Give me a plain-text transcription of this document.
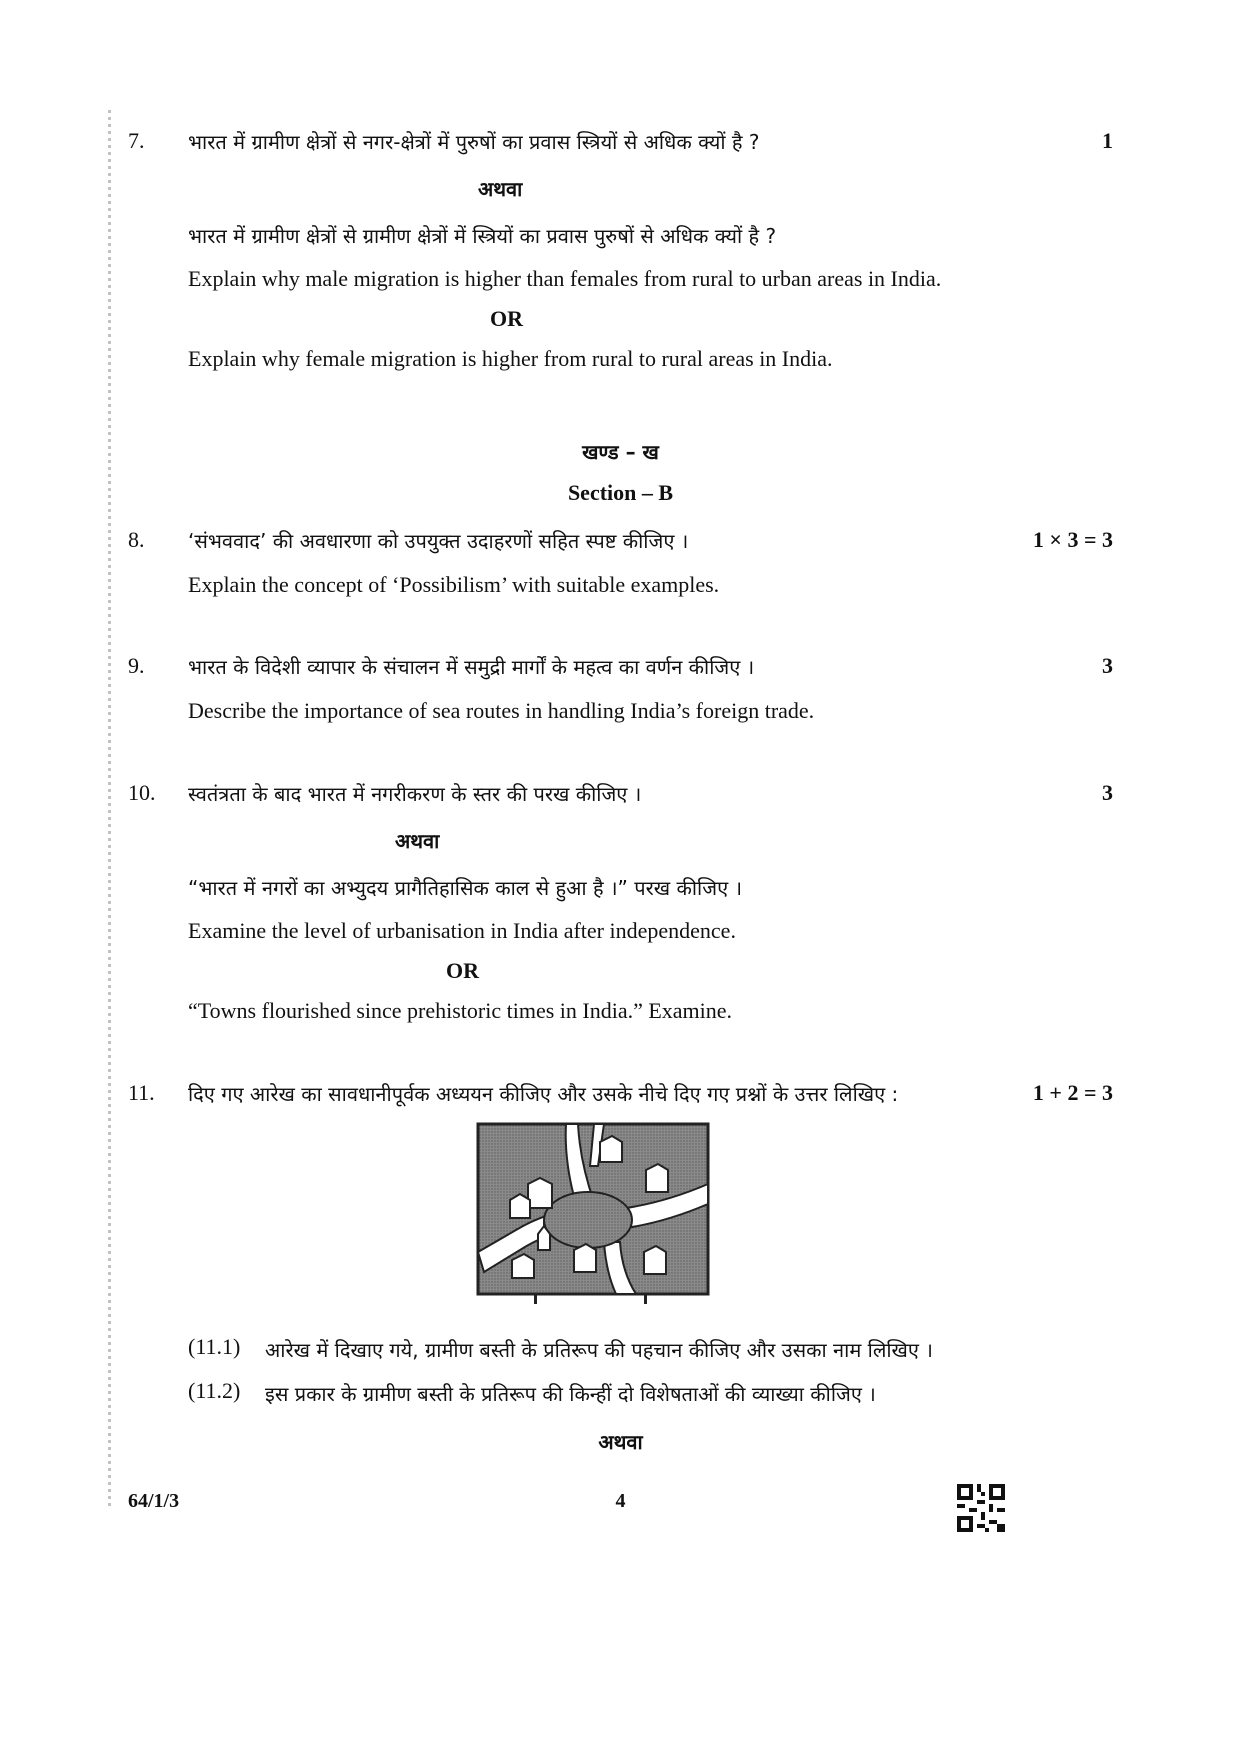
7. भारत में ग्रामीण क्षेत्रों से नगर-क्षेत्रों में पुरुषों का प्रवास स्त्रियों से अधिक क्यों है ?	1
अथवा
भारत में ग्रामीण क्षेत्रों से ग्रामीण क्षेत्रों में स्त्रियों का प्रवास पुरुषों से अधिक क्यों है ?
Explain why male migration is higher than females from rural to urban areas in India.
OR
Explain why female migration is higher from rural to rural areas in India.
खण्ड – ख
Section – B
8. ‘संभववाद’ की अवधारणा को उपयुक्त उदाहरणों सहित स्पष्ट कीजिए ।	1 × 3 = 3
Explain the concept of ‘Possibilism’ with suitable examples.
9. भारत के विदेशी व्यापार के संचालन में समुद्री मार्गों के महत्व का वर्णन कीजिए ।	3
Describe the importance of sea routes in handling India’s foreign trade.
10. स्वतंत्रता के बाद भारत में नगरीकरण के स्तर की परख कीजिए ।	3
अथवा
“भारत में नगरों का अभ्युदय प्रागैतिहासिक काल से हुआ है ।” परख कीजिए ।
Examine the level of urbanisation in India after independence.
OR
“Towns flourished since prehistoric times in India.” Examine.
11. दिए गए आरेख का सावधानीपूर्वक अध्ययन कीजिए और उसके नीचे दिए गए प्रश्नों के उत्तर लिखिए :	1 + 2 = 3
(11.1) आरेख में दिखाए गये, ग्रामीण बस्ती के प्रतिरूप की पहचान कीजिए और उसका नाम लिखिए ।
(11.2) इस प्रकार के ग्रामीण बस्ती के प्रतिरूप की किन्हीं दो विशेषताओं की व्याख्या कीजिए ।
अथवा
64/1/3	4
